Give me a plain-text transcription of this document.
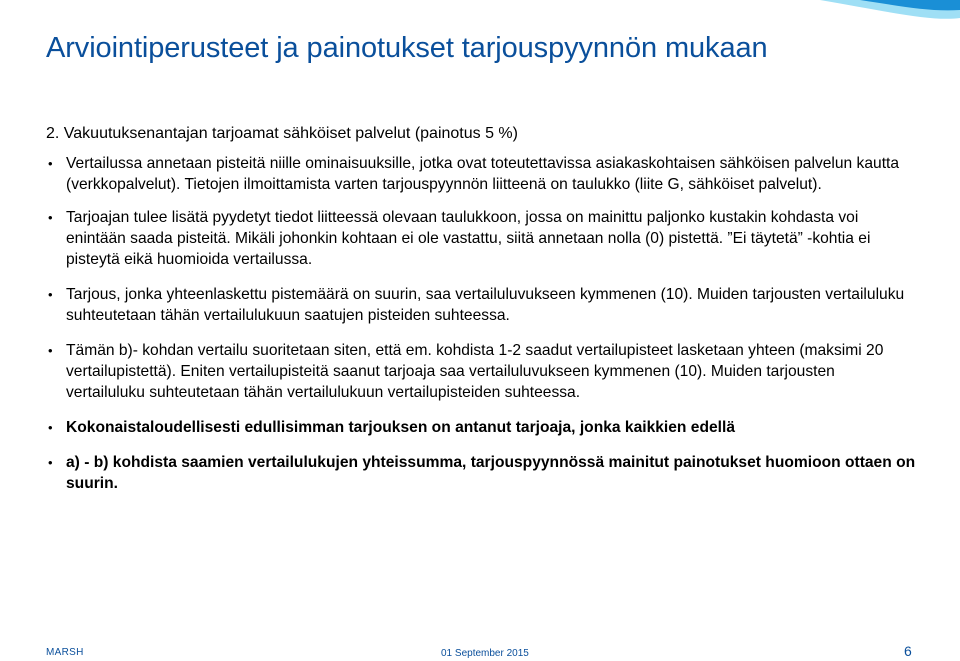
Arviointiperusteet ja painotukset tarjouspyynnön mukaan
2. Vakuutuksenantajan tarjoamat sähköiset palvelut (painotus 5 %)
• Vertailussa annetaan pisteitä niille ominaisuuksille, jotka ovat toteutettavissa asiakaskohtaisen sähköisen palvelun kautta (verkkopalvelut). Tietojen ilmoittamista varten tarjouspyynnön liitteenä on taulukko (liite G, sähköiset palvelut).
• Tarjoajan tulee lisätä pyydetyt tiedot liitteessä olevaan taulukkoon, jossa on mainittu paljonko kustakin kohdasta voi enintään saada pisteitä. Mikäli johonkin kohtaan ei ole vastattu, siitä annetaan nolla (0) pistettä. ”Ei täytetä” -kohtia ei pisteytä eikä huomioida vertailussa.
• Tarjous, jonka yhteenlaskettu pistemäärä on suurin, saa vertailuluvukseen kymmenen (10). Muiden tarjousten vertailuluku suhteutetaan tähän vertailulukuun saatujen pisteiden suhteessa.
• Tämän b)- kohdan vertailu suoritetaan siten, että em. kohdista 1-2 saadut vertailupisteet lasketaan yhteen (maksimi 20 vertailupistettä). Eniten vertailupisteitä saanut tarjoaja saa vertailuluvukseen kymmenen (10). Muiden tarjousten vertailuluku suhteutetaan tähän vertailulukuun vertailupisteiden suhteessa.
• Kokonaistaloudellisesti edullisimman tarjouksen on antanut tarjoaja, jonka kaikkien edellä
• a) - b) kohdista saamien vertailulukujen yhteissumma, tarjouspyynnössä mainitut painotukset huomioon ottaen on suurin.
MARSH	01 September 2015	6
